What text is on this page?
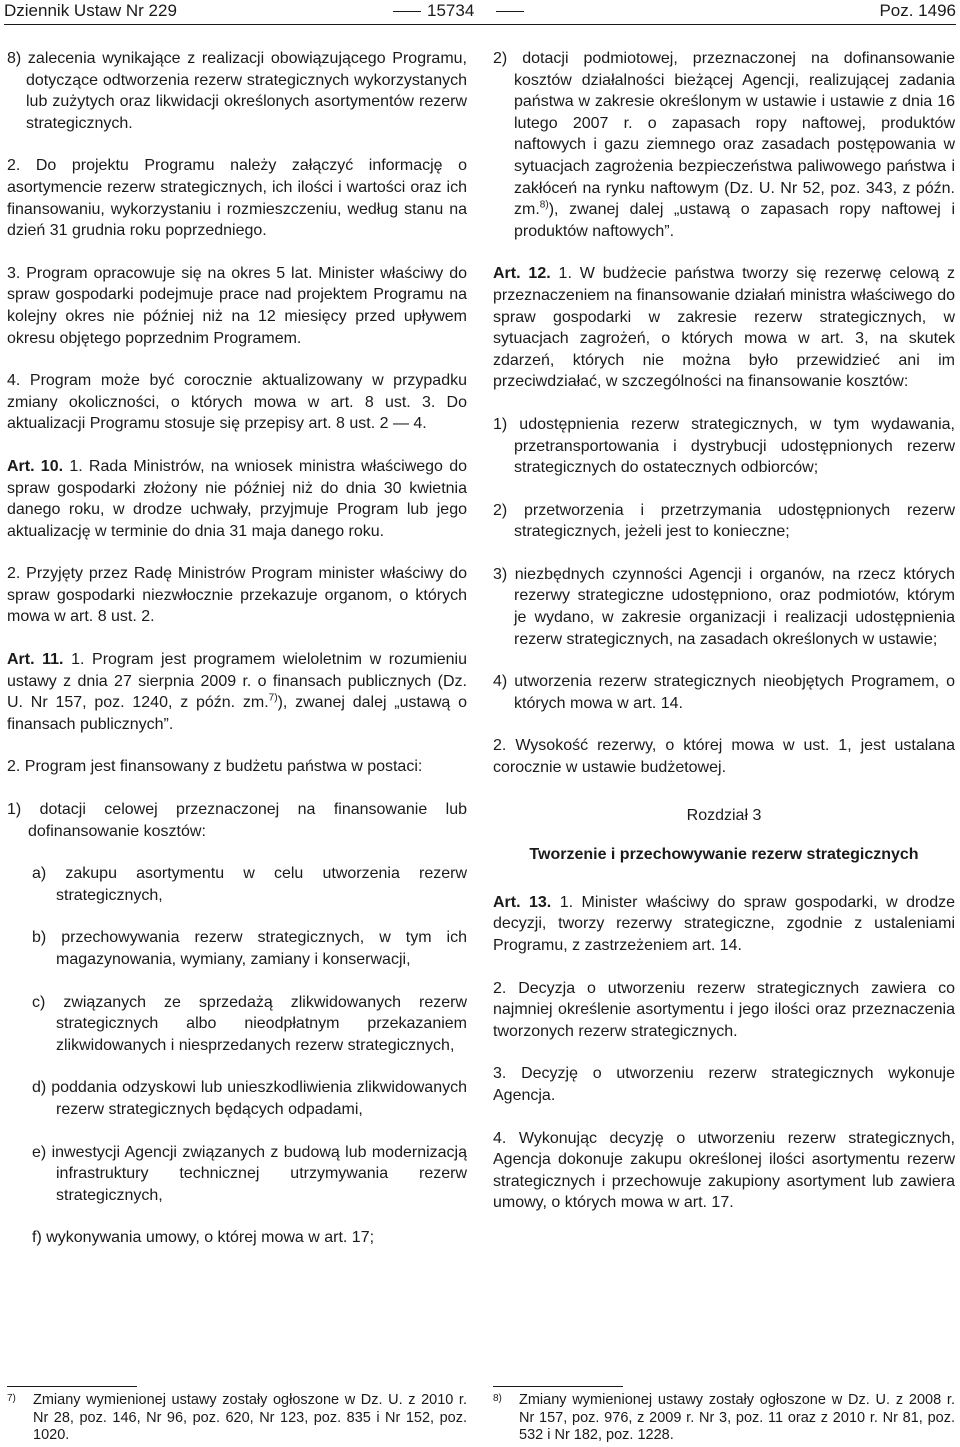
Dziennik Ustaw Nr 229	15734	Poz. 1496

8) zalecenia wynikające z realizacji obowiązującego Programu, dotyczące odtworzenia rezerw strategicznych wykorzystanych lub zużytych oraz likwidacji określonych asortymentów rezerw strategicznych.

2. Do projektu Programu należy załączyć informację o asortymencie rezerw strategicznych, ich ilości i wartości oraz ich finansowaniu, wykorzystaniu i rozmieszczeniu, według stanu na dzień 31 grudnia roku poprzedniego.

3. Program opracowuje się na okres 5 lat. Minister właściwy do spraw gospodarki podejmuje prace nad projektem Programu na kolejny okres nie później niż na 12 miesięcy przed upływem okresu objętego poprzednim Programem.

4. Program może być corocznie aktualizowany w przypadku zmiany okoliczności, o których mowa w art. 8 ust. 3. Do aktualizacji Programu stosuje się przepisy art. 8 ust. 2 — 4.

Art. 10. 1. Rada Ministrów, na wniosek ministra właściwego do spraw gospodarki złożony nie później niż do dnia 30 kwietnia danego roku, w drodze uchwały, przyjmuje Program lub jego aktualizację w terminie do dnia 31 maja danego roku.

2. Przyjęty przez Radę Ministrów Program minister właściwy do spraw gospodarki niezwłocznie przekazuje organom, o których mowa w art. 8 ust. 2.

Art. 11. 1. Program jest programem wieloletnim w rozumieniu ustawy z dnia 27 sierpnia 2009 r. o finansach publicznych (Dz. U. Nr 157, poz. 1240, z późn. zm.$^{7)}$), zwanej dalej „ustawą o finansach publicznych”.

2. Program jest finansowany z budżetu państwa w postaci:

1) dotacji celowej przeznaczonej na finansowanie lub dofinansowanie kosztów:

a) zakupu asortymentu w celu utworzenia rezerw strategicznych,

b) przechowywania rezerw strategicznych, w tym ich magazynowania, wymiany, zamiany i konserwacji,

c) związanych ze sprzedażą zlikwidowanych rezerw strategicznych albo nieodpłatnym przekazaniem zlikwidowanych i niesprzedanych rezerw strategicznych,

d) poddania odzyskowi lub unieszkodliwienia zlikwidowanych rezerw strategicznych będących odpadami,

e) inwestycji Agencji związanych z budową lub modernizacją infrastruktury technicznej utrzymywania rezerw strategicznych,

f) wykonywania umowy, o której mowa w art. 17;

2) dotacji podmiotowej, przeznaczonej na dofinansowanie kosztów działalności bieżącej Agencji, realizującej zadania państwa w zakresie określonym w ustawie i ustawie z dnia 16 lutego 2007 r. o zapasach ropy naftowej, produktów naftowych i gazu ziemnego oraz zasadach postępowania w sytuacjach zagrożenia bezpieczeństwa paliwowego państwa i zakłóceń na rynku naftowym (Dz. U. Nr 52, poz. 343, z późn. zm.$^{8)}$), zwanej dalej „ustawą o zapasach ropy naftowej i produktów naftowych”.

Art. 12. 1. W budżecie państwa tworzy się rezerwę celową z przeznaczeniem na finansowanie działań ministra właściwego do spraw gospodarki w zakresie rezerw strategicznych, w sytuacjach zagrożeń, o których mowa w art. 3, na skutek zdarzeń, których nie można było przewidzieć ani im przeciwdziałać, w szczególności na finansowanie kosztów:

1) udostępnienia rezerw strategicznych, w tym wydawania, przetransportowania i dystrybucji udostępnionych rezerw strategicznych do ostatecznych odbiorców;

2) przetworzenia i przetrzymania udostępnionych rezerw strategicznych, jeżeli jest to konieczne;

3) niezbędnych czynności Agencji i organów, na rzecz których rezerwy strategiczne udostępniono, oraz podmiotów, którym je wydano, w zakresie organizacji i realizacji udostępnienia rezerw strategicznych, na zasadach określonych w ustawie;

4) utworzenia rezerw strategicznych nieobjętych Programem, o których mowa w art. 14.

2. Wysokość rezerwy, o której mowa w ust. 1, jest ustalana corocznie w ustawie budżetowej.

Rozdział 3
Tworzenie i przechowywanie rezerw strategicznych

Art. 13. 1. Minister właściwy do spraw gospodarki, w drodze decyzji, tworzy rezerwy strategiczne, zgodnie z ustaleniami Programu, z zastrzeżeniem art. 14.

2. Decyzja o utworzeniu rezerw strategicznych zawiera co najmniej określenie asortymentu i jego ilości oraz przeznaczenia tworzonych rezerw strategicznych.

3. Decyzję o utworzeniu rezerw strategicznych wykonuje Agencja.

4. Wykonując decyzję o utworzeniu rezerw strategicznych, Agencja dokonuje zakupu określonej ilości asortymentu rezerw strategicznych i przechowuje zakupiony asortyment lub zawiera umowy, o których mowa w art. 17.

$^{7)}$	Zmiany wymienionej ustawy zostały ogłoszone w Dz. U. z 2010 r. Nr 28, poz. 146, Nr 96, poz. 620, Nr 123, poz. 835 i Nr 152, poz. 1020.
$^{8)}$	Zmiany wymienionej ustawy zostały ogłoszone w Dz. U. z 2008 r. Nr 157, poz. 976, z 2009 r. Nr 3, poz. 11 oraz z 2010 r. Nr 81, poz. 532 i Nr 182, poz. 1228.
